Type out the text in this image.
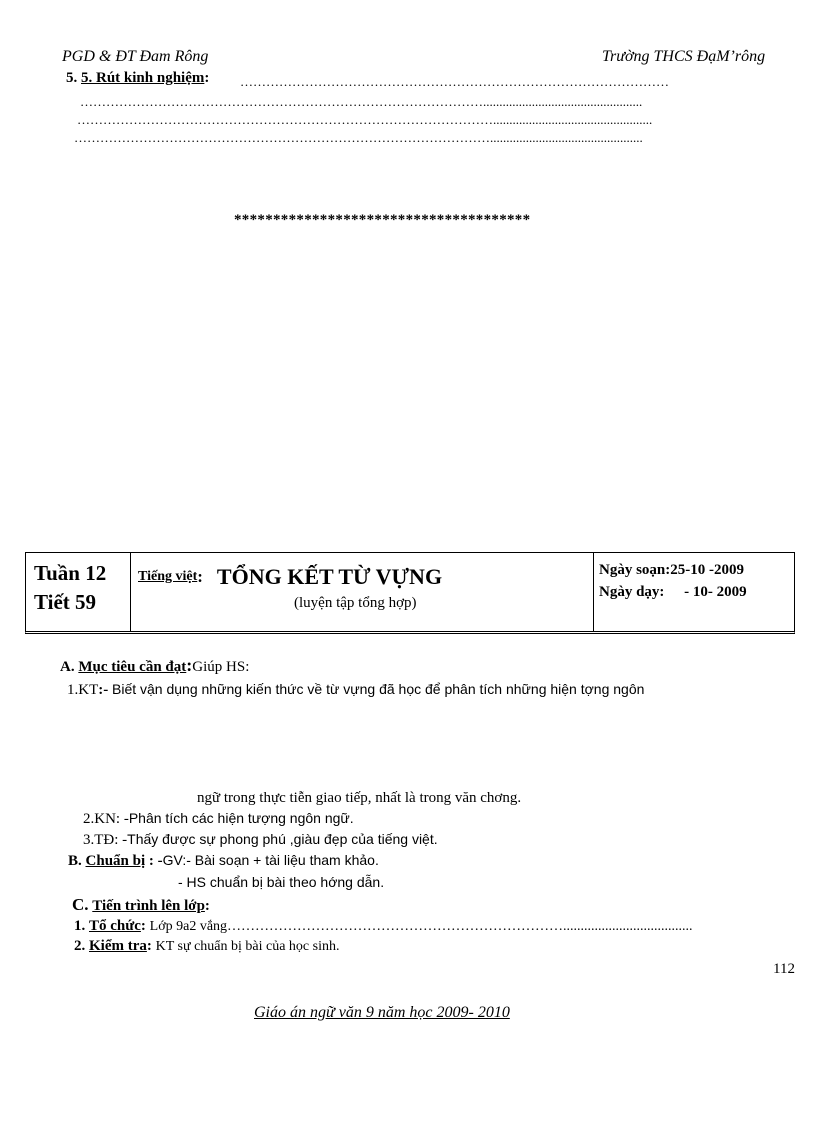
PGD & ĐT Đam Rông	Trường THCS ĐạM’rông
5. 5. Rút kinh nghiệm: ………………………………………………………………………………………
………………………………………………………………………………….................................................
…………………………………………………………………………………….................................................
……………………………………………………………………………………...............................................
**************************************
Tuần 12
Tiết 59
Tiếng việt: TỔNG KẾT TỪ VỰNG
(luyện tập tổng hợp)
Ngày soạn:25-10 -2009
Ngày dạy: - 10- 2009
A. Mục tiêu cần đạt:Giúp HS:
1.KT:- Biết vận dụng những kiến thức về từ vựng đã học để phân tích những hiện tợng ngôn
ngữ trong thực tiễn giao tiếp, nhất là trong văn chơng.
2.KN: -Phân tích các hiện tượng ngôn ngữ.
3.TĐ: -Thấy được sự phong phú ,giàu đẹp của tiếng việt.
B. Chuẩn bị : -GV:- Bài soạn + tài liệu tham khảo.
- HS chuẩn bị bài theo hớng dẫn.
C. Tiến trình lên lớp:
1. Tổ chức: Lớp 9a2 vắng……………………………………………………………….....................................
2. Kiểm tra: KT sự chuẩn bị bài của học sinh.
112
Giáo án ngữ văn 9 năm học 2009- 2010
